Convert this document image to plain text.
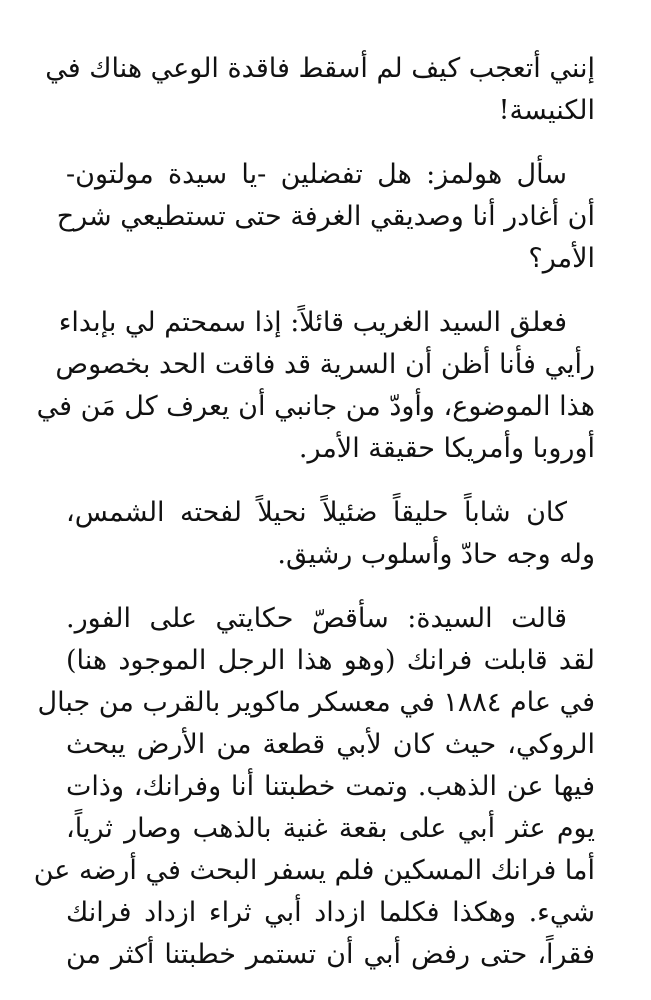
إنني أتعجب كيف لم أسقط فاقدة الوعي هناك في
الكنيسة!

سأل هولمز: هل تفضلين -يا سيدة مولتون-
أن أغادر أنا وصديقي الغرفة حتى تستطيعي شرح
الأمر؟

فعلق السيد الغريب قائلاً: إذا سمحتم لي بإبداء
رأيي فأنا أظن أن السرية قد فاقت الحد بخصوص
هذا الموضوع، وأودّ من جانبي أن يعرف كل مَن في
أوروبا وأمريكا حقيقة الأمر.

كان شاباً حليقاً ضئيلاً نحيلاً لفحته الشمس،
وله وجه حادّ وأسلوب رشيق.

قالت السيدة: سأقصّ حكايتي على الفور.
لقد قابلت فرانك (وهو هذا الرجل الموجود هنا)
في عام ١٨٨٤ في معسكر ماكوير بالقرب من جبال
الروكي، حيث كان لأبي قطعة من الأرض يبحث
فيها عن الذهب. وتمت خطبتنا أنا وفرانك، وذات
يوم عثر أبي على بقعة غنية بالذهب وصار ثرياً،
أما فرانك المسكين فلم يسفر البحث في أرضه عن
شيء. وهكذا فكلما ازداد أبي ثراء ازداد فرانك
فقراً، حتى رفض أبي أن تستمر خطبتنا أكثر من
